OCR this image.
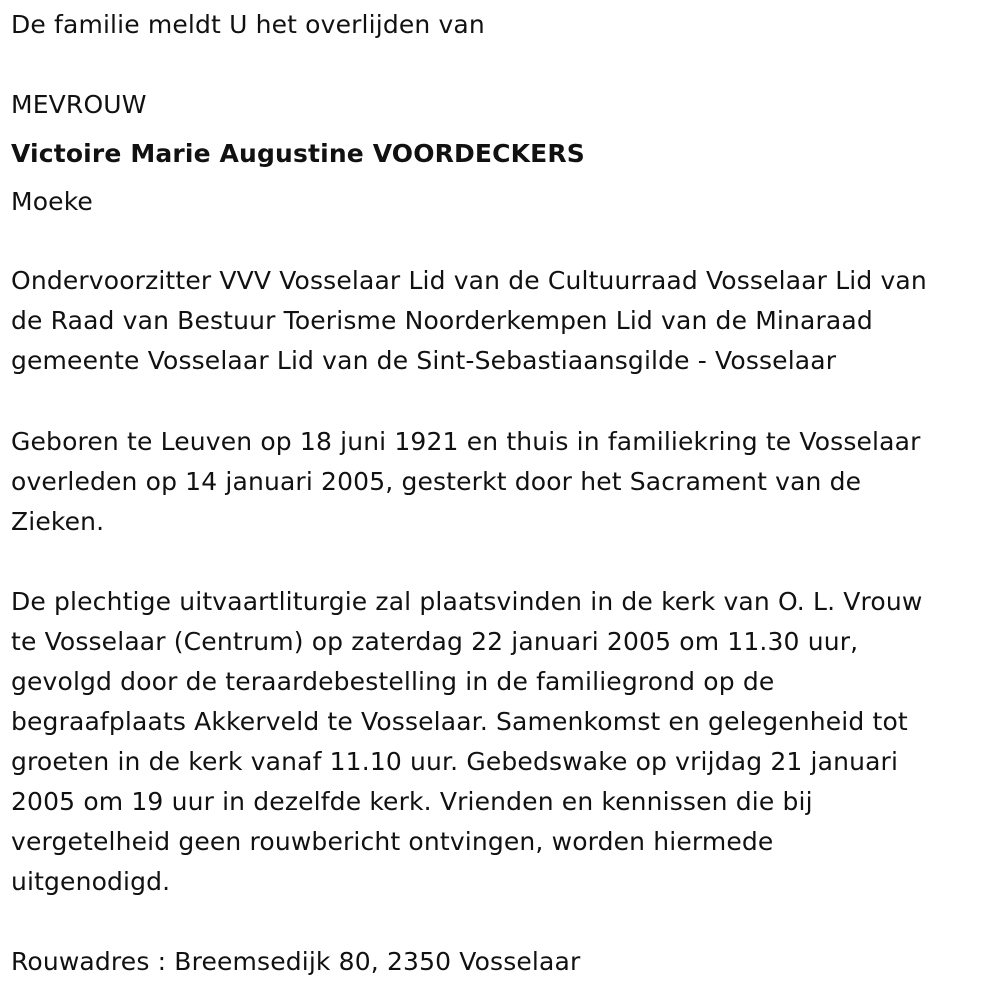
De familie meldt U het overlijden van
MEVROUW
Victoire Marie Augustine VOORDECKERS
Moeke
Ondervoorzitter VVV Vosselaar Lid van de Cultuurraad Vosselaar Lid van
de Raad van Bestuur Toerisme Noorderkempen Lid van de Minaraad
gemeente Vosselaar Lid van de Sint-Sebastiaansgilde - Vosselaar
Geboren te Leuven op 18 juni 1921 en thuis in familiekring te Vosselaar
overleden op 14 januari 2005, gesterkt door het Sacrament van de
Zieken.
De plechtige uitvaartliturgie zal plaatsvinden in de kerk van O. L. Vrouw
te Vosselaar (Centrum) op zaterdag 22 januari 2005 om 11.30 uur,
gevolgd door de teraardebestelling in de familiegrond op de
begraafplaats Akkerveld te Vosselaar. Samenkomst en gelegenheid tot
groeten in de kerk vanaf 11.10 uur. Gebedswake op vrijdag 21 januari
2005 om 19 uur in dezelfde kerk. Vrienden en kennissen die bij
vergetelheid geen rouwbericht ontvingen, worden hiermede
uitgenodigd.
Rouwadres : Breemsedijk 80, 2350 Vosselaar
